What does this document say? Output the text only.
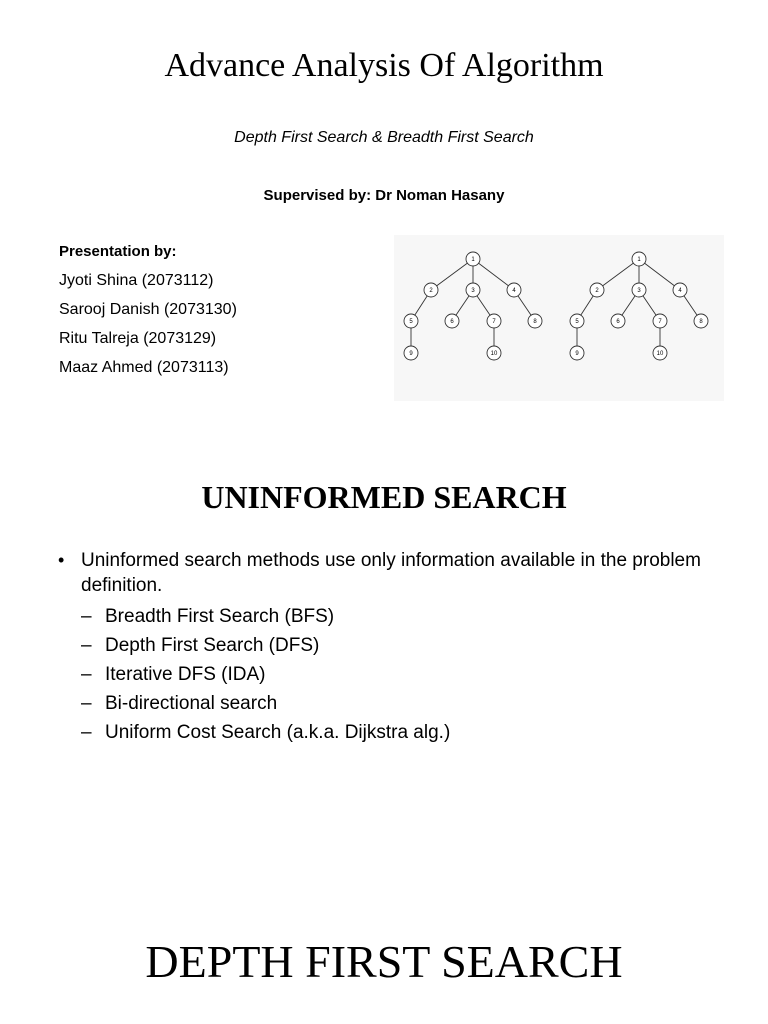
Advance Analysis Of Algorithm
Depth First Search & Breadth First Search
Supervised by: Dr Noman Hasany
Presentation by:
Jyoti Shina (2073112)
Sarooj Danish (2073130)
Ritu Talreja (2073129)
Maaz Ahmed (2073113)
1
2	3	4
5	6	7	8
9	10
1
2	3	4
5	6	7	8
9	10
UNINFORMED SEARCH
• Uninformed search methods use only information available in the problem definition.
– Breadth First Search (BFS)
– Depth First Search (DFS)
– Iterative DFS (IDA)
– Bi-directional search
– Uniform Cost Search (a.k.a. Dijkstra alg.)
DEPTH FIRST SEARCH
